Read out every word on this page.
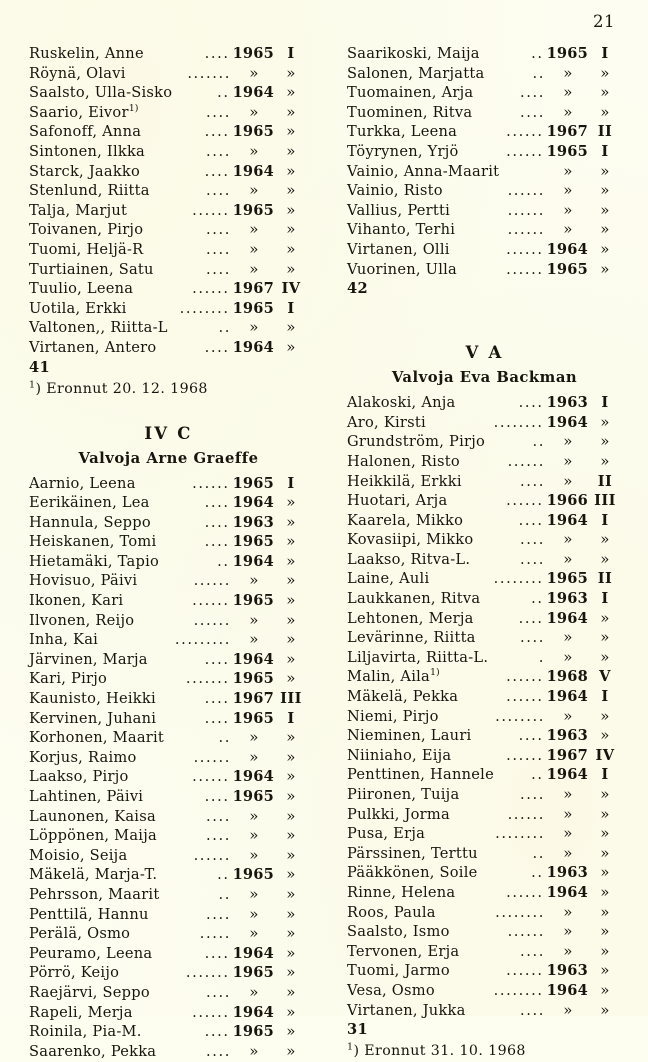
21
Ruskelin, Anne	.... 1965 I
Röynä, Olavi	.......	»	»
Saalsto, Ulla-Sisko	.. 1964 »
Saario, Eivor$^{1)}$	....	»	»
Safonoff, Anna	.... 1965 »
Sintonen, Ilkka	....	»	»
Starck, Jaakko	.... 1964 »
Stenlund, Riitta	....	»	»
Talja, Marjut	...... 1965 »
Toivanen, Pirjo	....	»	»
Tuomi, Heljä-R	....	»	»
Turtiainen, Satu	....	»	»
Tuulio, Leena	...... 1967 IV
Uotila, Erkki	........ 1965 I
Valtonen,, Riitta-L	..	»	»
Virtanen, Antero	.... 1964 »
41
$^1$) Eronnut 20. 12. 1968
IV C
Valvoja Arne Graeffe
Aarnio, Leena	...... 1965 I
Eerikäinen, Lea	.... 1964 »
Hannula, Seppo	.... 1963 »
Heiskanen, Tomi	.... 1965 »
Hietamäki, Tapio	.. 1964 »
Hovisuo, Päivi	......	»	»
Ikonen, Kari	...... 1965 »
Ilvonen, Reijo	......	»	»
Inha, Kai	.........	»	»
Järvinen, Marja	.... 1964 »
Kari, Pirjo	....... 1965 »
Kaunisto, Heikki	.... 1967 III
Kervinen, Juhani	.... 1965 I
Korhonen, Maarit	..	»	»
Korjus, Raimo	......	»	»
Laakso, Pirjo	...... 1964 »
Lahtinen, Päivi	.... 1965 »
Launonen, Kaisa	....	»	»
Löppönen, Maija	....	»	»
Moisio, Seija	......	»	»
Mäkelä, Marja-T.	.. 1965 »
Pehrsson, Maarit	..	»	»
Penttilä, Hannu	....	»	»
Perälä, Osmo	.....	»	»
Peuramo, Leena	.... 1964 »
Pörrö, Keijo	....... 1965 »
Raejärvi, Seppo	....	»	»
Rapeli, Merja	...... 1964 »
Roinila, Pia-M.	.... 1965 »
Saarenko, Pekka	....	»	»
Saarikoski, Maija	.. 1965 I
Salonen, Marjatta	..	»	»
Tuomainen, Arja	....	»	»
Tuominen, Ritva	....	»	»
Turkka, Leena	...... 1967 II
Töyrynen, Yrjö	...... 1965 I
Vainio, Anna-Maarit	»	»
Vainio, Risto	......	»	»
Vallius, Pertti	......	»	»
Vihanto, Terhi	......	»	»
Virtanen, Olli	...... 1964 »
Vuorinen, Ulla	...... 1965 »
42
V A
Valvoja Eva Backman
Alakoski, Anja	.... 1963 I
Aro, Kirsti	........ 1964 »
Grundström, Pirjo	..	»	»
Halonen, Risto	......	»	»
Heikkilä, Erkki	....	»	II
Huotari, Arja	...... 1966 III
Kaarela, Mikko	.... 1964 I
Kovasiipi, Mikko	....	»	»
Laakso, Ritva-L.	....	»	»
Laine, Auli	........ 1965 II
Laukkanen, Ritva	.. 1963 I
Lehtonen, Merja	.... 1964 »
Levärinne, Riitta	....	»	»
Liljavirta, Riitta-L.	.	»	»
Malin, Aila$^{1)}$	...... 1968 V
Mäkelä, Pekka	...... 1964 I
Niemi, Pirjo	........	»	»
Nieminen, Lauri	.... 1963 »
Niiniaho, Eija	...... 1967 IV
Penttinen, Hannele	.. 1964 I
Piironen, Tuija	....	»	»
Pulkki, Jorma	......	»	»
Pusa, Erja	........	»	»
Pärssinen, Terttu	..	»	»
Pääkkönen, Soile	.. 1963 »
Rinne, Helena	...... 1964 »
Roos, Paula	........	»	»
Saalsto, Ismo	......	»	»
Tervonen, Erja	....	»	»
Tuomi, Jarmo	...... 1963 »
Vesa, Osmo	........ 1964 »
Virtanen, Jukka	....	»	»
31
$^1$) Eronnut 31. 10. 1968
